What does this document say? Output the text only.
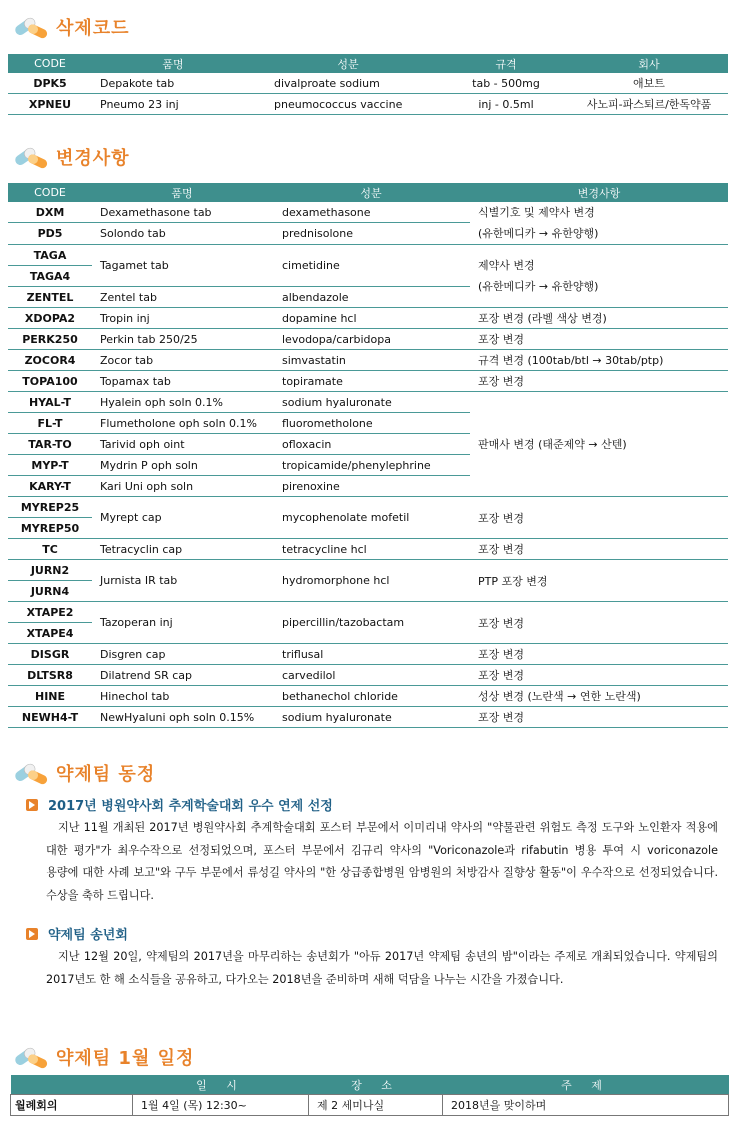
삭제코드
CODE	품명	성분	규격	회사
DPK5	Depakote tab	divalproate sodium	tab - 500mg	애보트
XPNEU	Pneumo 23 inj	pneumococcus vaccine	inj - 0.5ml	사노피-파스퇴르/한독약품
변경사항
CODE	품명	성분	변경사항
DXM	Dexamethasone tab	dexamethasone	식별기호 및 제약사 변경
(유한메디카 → 유한양행)

PD5	Solondo tab	prednisolone	
TAGA	Tagamet tab	cimetidine	제약사 변경
(유한메디카 → 유한양행)

TAGA4			
ZENTEL	Zentel tab	albendazole	
XDOPA2	Tropin inj	dopamine hcl	포장 변경 (라벨 색상 변경)
PERK250	Perkin tab 250/25	levodopa/carbidopa	포장 변경
ZOCOR4	Zocor tab	simvastatin	규격 변경 (100tab/btl → 30tab/ptp)
TOPA100	Topamax tab	topiramate	포장 변경
HYAL-T	Hyalein oph soln 0.1%	sodium hyaluronate	판매사 변경 (태준제약 → 산텐)
FL-T	Flumetholone oph soln 0.1%	fluorometholone	
TAR-TO	Tarivid oph oint	ofloxacin	
MYP-T	Mydrin P oph soln	tropicamide/phenylephrine	
KARY-T	Kari Uni oph soln	pirenoxine	
MYREP25	Myrept cap	mycophenolate mofetil	포장 변경
MYREP50			
TC	Tetracyclin cap	tetracycline hcl	포장 변경
JURN2	Jurnista IR tab	hydromorphone hcl	PTP 포장 변경
JURN4			
XTAPE2	Tazoperan inj	pipercillin/tazobactam	포장 변경
XTAPE4			
DISGR	Disgren cap	triflusal	포장 변경
DLTSR8	Dilatrend SR cap	carvedilol	포장 변경
HINE	Hinechol tab	bethanechol chloride	성상 변경 (노란색 → 연한 노란색)
NEWH4-T	NewHyaluni oph soln 0.15%	sodium hyaluronate	포장 변경
약제팀 동정
2017년 병원약사회 추계학술대회 우수 연제 선정
지난 11월 개최된 2017년 병원약사회 추계학술대회 포스터 부문에서 이미리내 약사의 "약물관련 위험도 측정 도구와 노인환자 적용에 대한 평가"가 최우수작으로 선정되었으며, 포스터 부문에서 김규리 약사의 "Voriconazole과 rifabutin 병용 투여 시 voriconazole 용량에 대한 사례 보고"와 구두 부문에서 류성길 약사의 "한 상급종합병원 암병원의 처방감사 질향상 활동"이 우수작으로 선정되었습니다. 수상을 축하 드립니다.
약제팀 송년회
지난 12월 20일, 약제팀의 2017년을 마무리하는 송년회가 "아듀 2017년 약제팀 송년의 밤"이라는 주제로 개최되었습니다. 약제팀의 2017년도 한 해 소식들을 공유하고, 다가오는 2018년을 준비하며 새해 덕담을 나누는 시간을 가졌습니다.
약제팀 1월 일정
	일 시	장 소	주 제
월례회의	1월 4일 (목) 12:30~	제 2 세미나실	2018년을 맞이하며
